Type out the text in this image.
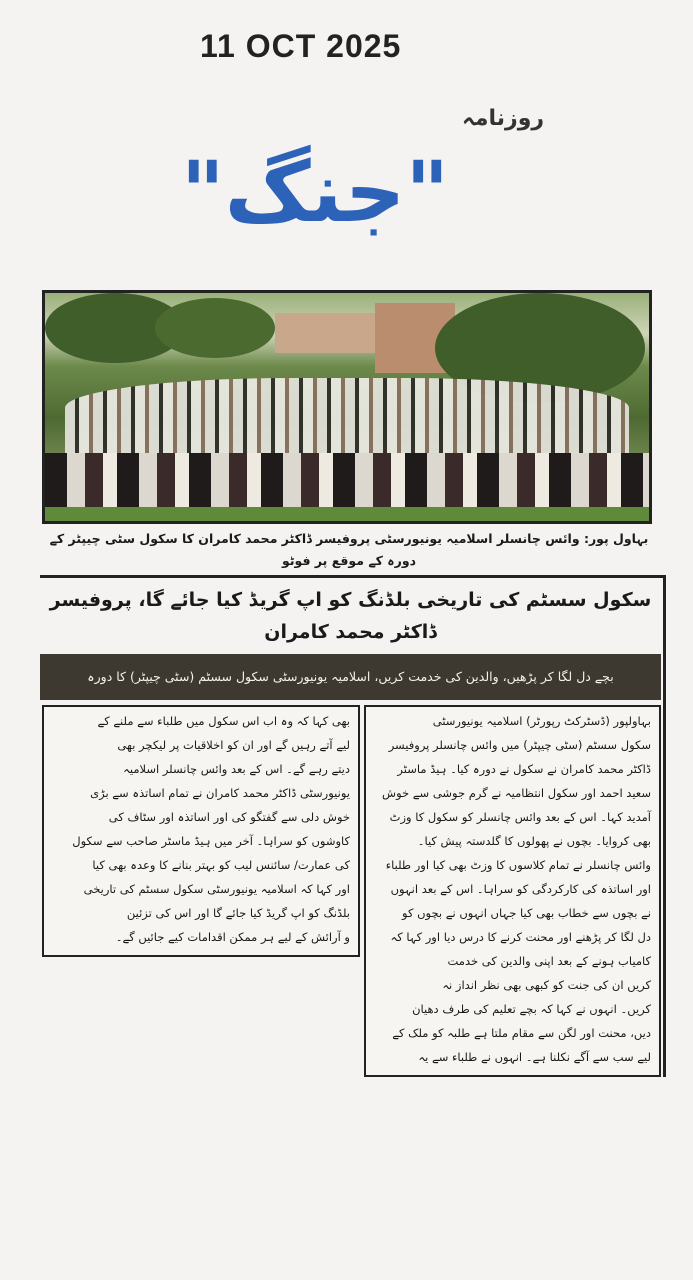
11 OCT 2025
روزنامہ
"جنگ"
بہاول پور: وائس چانسلر اسلامیہ یونیورسٹی پروفیسر ڈاکٹر محمد کامران کا سکول سٹی چیپٹر کے دورہ کے موقع پر فوٹو
سکول سسٹم کی تاریخی بلڈنگ کو اپ گریڈ کیا جائے گا، پروفیسر ڈاکٹر محمد کامران
بچے دل لگا کر پڑھیں، والدین کی خدمت کریں، اسلامیہ یونیورسٹی سکول سسٹم (سٹی چیپٹر) کا دورہ

بہاولپور (ڈسٹرکٹ رپورٹر) اسلامیہ یونیورسٹی

سکول سسٹم (سٹی چیپٹر) میں وائس چانسلر پروفیسر

ڈاکٹر محمد کامران نے سکول نے دورہ کیا۔ ہیڈ ماسٹر

سعید احمد اور سکول انتظامیہ نے گرم جوشی سے خوش

آمدید کہا۔ اس کے بعد وائس چانسلر کو سکول کا وزٹ

بھی کروایا۔ بچوں نے پھولوں کا گلدستہ پیش کیا۔

وائس چانسلر نے تمام کلاسوں کا وزٹ بھی کیا اور طلباء

اور اساتذہ کی کارکردگی کو سراہا۔ اس کے بعد انہوں

نے بچوں سے خطاب بھی کیا جہاں انہوں نے بچوں کو

دل لگا کر پڑھنے اور محنت کرنے کا درس دیا اور کہا کہ

کامیاب ہونے کے بعد اپنی والدین کی خدمت

کریں ان کی جنت کو کبھی بھی نظر انداز نہ

کریں۔ انہوں نے کہا کہ بچے تعلیم کی طرف دھیان

دیں، محنت اور لگن سے مقام ملتا ہے طلبہ کو ملک کے

لیے سب سے آگے نکلنا ہے۔ انہوں نے طلباء سے یہ

بھی کہا کہ وہ اب اس سکول میں طلباء سے ملنے کے

لیے آتے رہیں گے اور ان کو اخلاقیات پر لیکچر بھی

دیتے رہے گے۔ اس کے بعد وائس چانسلر اسلامیہ

یونیورسٹی ڈاکٹر محمد کامران نے تمام اساتذہ سے بڑی

خوش دلی سے گفتگو کی اور اساتذہ اور سٹاف کی

کاوشوں کو سراہا۔ آخر میں ہیڈ ماسٹر صاحب سے سکول

کی عمارت/ سائنس لیب کو بہتر بنانے کا وعدہ بھی کیا

اور کہا کہ اسلامیہ یونیورسٹی سکول سسٹم کی تاریخی

بلڈنگ کو اپ گریڈ کیا جائے گا اور اس کی تزئین

و آرائش کے لیے ہر ممکن اقدامات کیے جائیں گے۔
